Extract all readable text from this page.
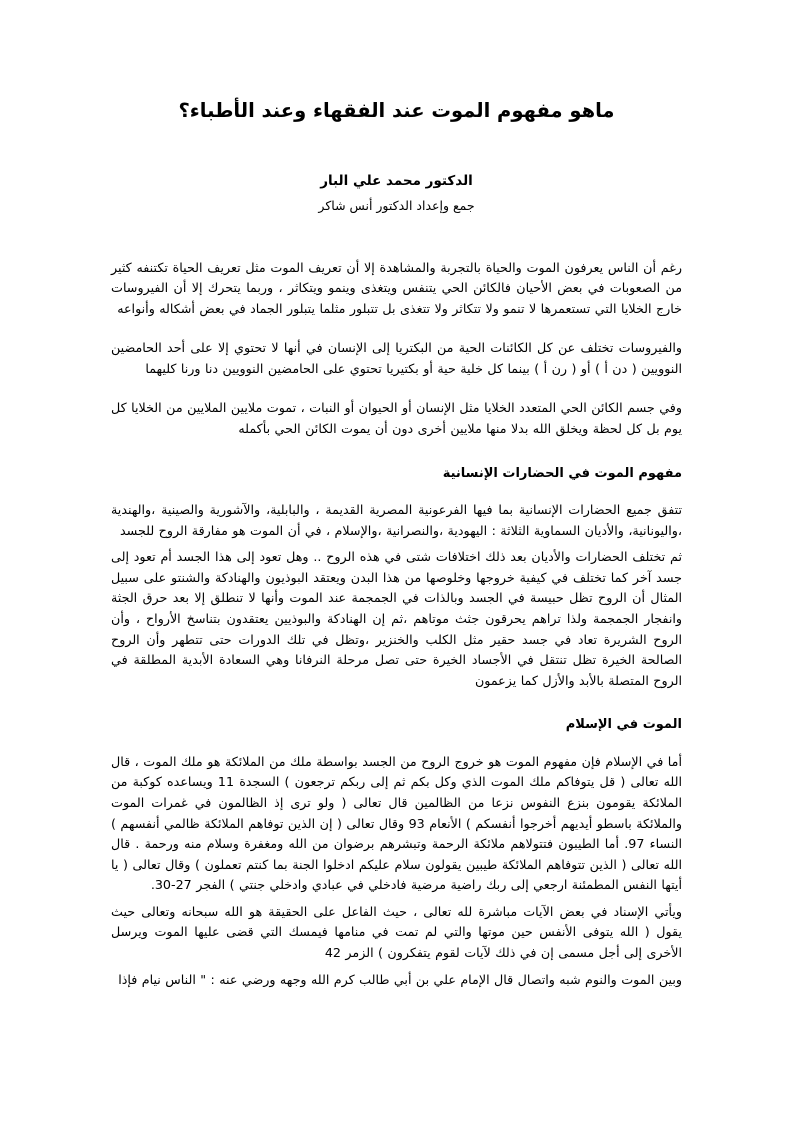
ماهو مفهوم الموت عند الفقهاء وعند الأطباء؟
الدكتور محمد علي البار
جمع وإعداد الدكتور أنس شاكر

رغم أن الناس يعرفون الموت والحياة بالتجربة والمشاهدة إلا أن تعريف الموت مثل تعريف الحياة تكتنفه كثير من الصعوبات في بعض الأحيان فالكائن الحي يتنفس ويتغذى وينمو ويتكاثر ، وربما يتحرك إلا أن الفيروسات خارج الخلايا التي تستعمرها لا تنمو ولا تتكاثر ولا تتغذى بل تتبلور مثلما يتبلور الجماد في بعض أشكاله وأنواعه

والفيروسات تختلف عن كل الكائنات الحية من البكتريا إلى الإنسان في أنها لا تحتوي إلا على أحد الحامضين النوويين ( دن أ ) أو ( رن أ ) بينما كل خلية حية أو بكتيريا تحتوي على الحامضين النوويين دنا ورنا كليهما

وفي جسم الكائن الحي المتعدد الخلايا مثل الإنسان أو الحيوان أو النبات ، تموت ملايين الملايين من الخلايا كل يوم بل كل لحظة ويخلق الله بدلا منها ملايين أخرى دون أن يموت الكائن الحي بأكمله

مفهوم الموت في الحضارات الإنسانية

تتفق جميع الحضارات الإنسانية بما فيها الفرعونية المصرية القديمة ، والبابلية، والآشورية والصينية ،والهندية ،واليونانية، والأديان السماوية الثلاثة : اليهودية ،والنصرانية ،والإسلام ، في أن الموت هو مفارقة الروح للجسد

ثم تختلف الحضارات والأديان بعد ذلك اختلافات شتى في هذه الروح .. وهل تعود إلى هذا الجسد أم تعود إلى جسد آخر كما تختلف في كيفية خروجها وخلوصها من هذا البدن ويعتقد البوذيون والهنادكة والشنتو على سبيل المثال أن الروح تظل حبيسة في الجسد وبالذات في الجمجمة عند الموت وأنها لا تنطلق إلا بعد حرق الجثة وانفجار الجمجمة ولذا تراهم يحرقون جثث موتاهم ،ثم إن الهنادكة والبوذيين يعتقدون بتناسخ الأرواح ، وأن الروح الشريرة تعاد في جسد حقير مثل الكلب والخنزير ،وتظل في تلك الدورات حتى تتطهر وأن الروح الصالحة الخيرة تظل تنتقل في الأجساد الخيرة حتى تصل مرحلة النرفانا وهي السعادة الأبدية المطلقة في الروح المتصلة بالأبد والأزل كما يزعمون

الموت في الإسلام

أما في الإسلام فإن مفهوم الموت هو خروج الروح من الجسد بواسطة ملك من الملائكة هو ملك الموت ، قال الله تعالى ( قل يتوفاكم ملك الموت الذي وكل بكم ثم إلى ربكم ترجعون ) السجدة 11 ويساعده كوكبة من الملائكة يقومون بنزع النفوس نزعا من الظالمين قال تعالى ( ولو ترى إذ الظالمون في غمرات الموت والملائكة باسطو أيديهم أخرجوا أنفسكم ) الأنعام 93 وقال تعالى ( إن الذين توفاهم الملائكة ظالمي أنفسهم ) النساء 97. أما الطيبون فتتولاهم ملائكة الرحمة وتبشرهم برضوان من الله ومغفرة وسلام منه ورحمة . قال الله تعالى ( الذين تتوفاهم الملائكة طيبين يقولون سلام عليكم ادخلوا الجنة بما كنتم تعملون ) وقال تعالى ( يا أيتها النفس المطمئنة ارجعي إلى ربك راضية مرضية فادخلي في عبادي وادخلي جنتي ) الفجر 27-30.

ويأتي الإسناد في بعض الآيات مباشرة لله تعالى ، حيث الفاعل على الحقيقة هو الله سبحانه وتعالى حيث يقول ( الله يتوفى الأنفس حين موتها والتي لم تمت في منامها فيمسك التي قضى عليها الموت ويرسل الأخرى إلى أجل مسمى إن في ذلك لآيات لقوم يتفكرون ) الزمر 42

وبين الموت والنوم شبه واتصال قال الإمام علي بن أبي طالب كرم الله وجهه ورضي عنه : " الناس نيام فإذا
